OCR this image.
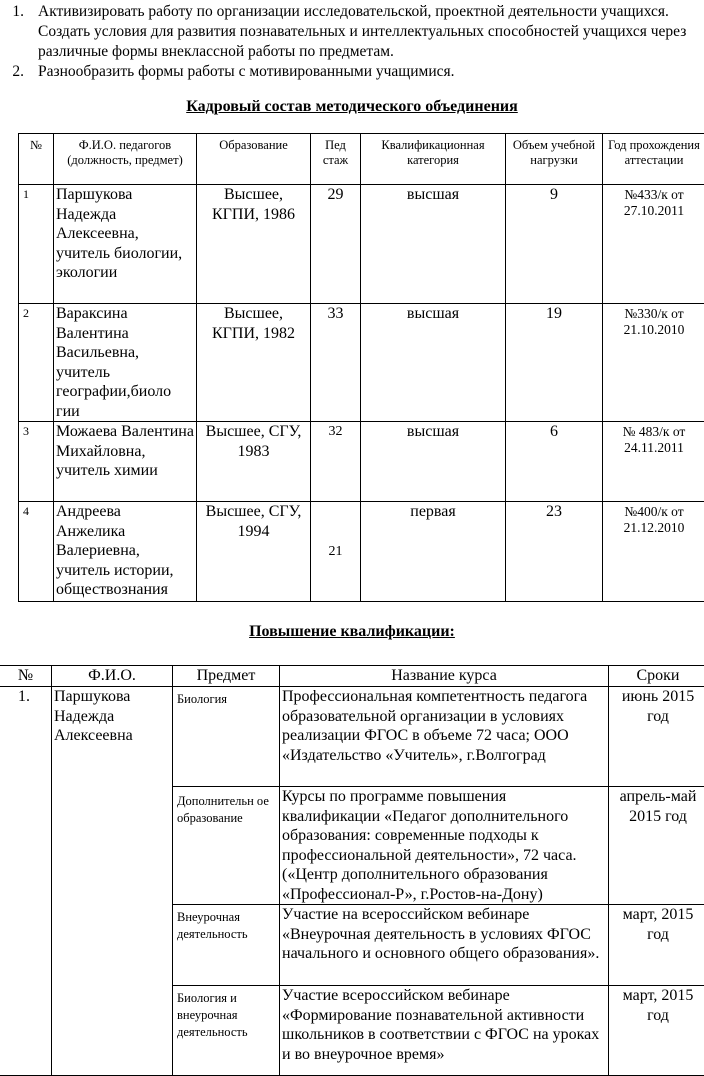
1. Активизировать работу по организации исследовательской, проектной деятельности учащихся. Создать условия для развития познавательных и интеллектуальных способностей учащихся через различные формы внеклассной работы по предметам.
2. Разнообразить формы работы с мотивированными учащимися.
Кадровый состав методического объединения
№	Ф.И.О. педагогов (должность, предмет)	Образование	Пед стаж	Квалификационная категория	Объем учебной нагрузки	Год прохождения аттестации
1	Паршукова Надежда Алексеевна, учитель биологии, экологии	Высшее, КГПИ, 1986	29	высшая	9	№433/к от 27.10.2011
2	Вараксина Валентина Васильевна, учитель географии,биоло гии	Высшее, КГПИ, 1982	33	высшая	19	№330/к от 21.10.2010
3	Можаева Валентина Михайловна, учитель химии	Высшее, СГУ, 1983	32	высшая	6	№ 483/к от 24.11.2011
4	Андреева Анжелика Валериевна, учитель истории, обществознания	Высшее, СГУ, 1994	21	первая	23	№400/к от 21.12.2010
Повышение квалификации:
№	Ф.И.О.	Предмет	Название курса	Сроки
1.	Паршукова Надежда Алексеевна	Биология	Профессиональная компетентность педагога образовательной организации в условиях реализации ФГОС в объеме 72 часа; ООО «Издательство «Учитель», г.Волгоград	июнь 2015 год
		Дополнительн ое образование	Курсы по программе повышения квалификации «Педагог дополнительного образования: современные подходы к профессиональной деятельности», 72 часа. («Центр дополнительного образования «Профессионал-Р», г.Ростов-на-Дону)	апрель-май 2015 год
		Внеурочная деятельность	Участие на всероссийском вебинаре «Внеурочная деятельность в условиях ФГОС начального и основного общего образования».	март, 2015 год
		Биология и внеурочная деятельность	Участие всероссийском вебинаре «Формирование познавательной активности школьников в соответствии с ФГОС на уроках и во внеурочное время»	март, 2015 год
